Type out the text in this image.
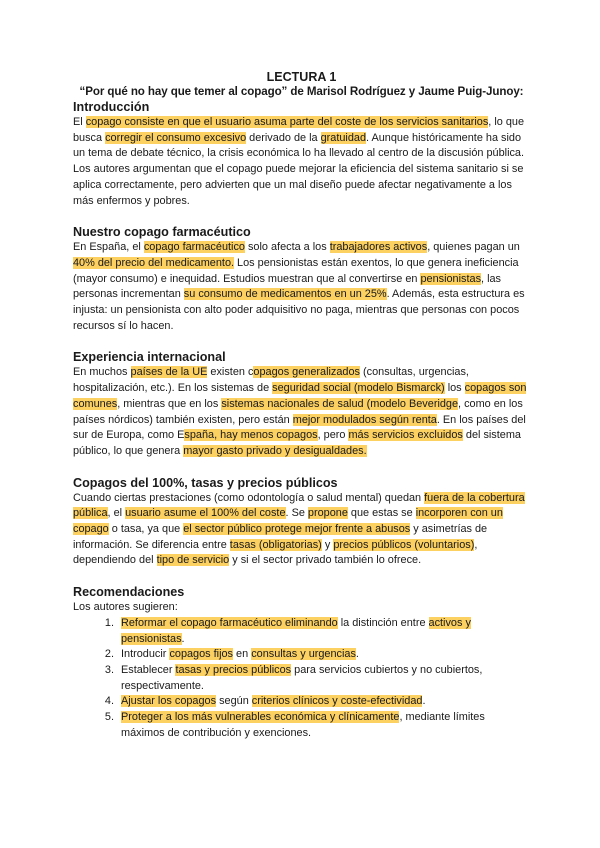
LECTURA 1
“Por qué no hay que temer al copago” de Marisol Rodríguez y Jaume Puig-Junoy:
Introducción

El copago consiste en que el usuario asuma parte del coste de los servicios sanitarios, lo que busca corregir el consumo excesivo derivado de la gratuidad. Aunque históricamente ha sido un tema de debate técnico, la crisis económica lo ha llevado al centro de la discusión pública. Los autores argumentan que el copago puede mejorar la eficiencia del sistema sanitario si se aplica correctamente, pero advierten que un mal diseño puede afectar negativamente a los más enfermos y pobres.

Nuestro copago farmacéutico

En España, el copago farmacéutico solo afecta a los trabajadores activos, quienes pagan un 40% del precio del medicamento. Los pensionistas están exentos, lo que genera ineficiencia (mayor consumo) e inequidad. Estudios muestran que al convertirse en pensionistas, las personas incrementan su consumo de medicamentos en un 25%. Además, esta estructura es injusta: un pensionista con alto poder adquisitivo no paga, mientras que personas con pocos recursos sí lo hacen.

Experiencia internacional

En muchos países de la UE existen copagos generalizados (consultas, urgencias, hospitalización, etc.). En los sistemas de seguridad social (modelo Bismarck) los copagos son comunes, mientras que en los sistemas nacionales de salud (modelo Beveridge, como en los países nórdicos) también existen, pero están mejor modulados según renta. En los países del sur de Europa, como España, hay menos copagos, pero más servicios excluidos del sistema público, lo que genera mayor gasto privado y desigualdades.

Copagos del 100%, tasas y precios públicos

Cuando ciertas prestaciones (como odontología o salud mental) quedan fuera de la cobertura pública, el usuario asume el 100% del coste. Se propone que estas se incorporen con un copago o tasa, ya que el sector público protege mejor frente a abusos y asimetrías de información. Se diferencia entre tasas (obligatorias) y precios públicos (voluntarios), dependiendo del tipo de servicio y si el sector privado también lo ofrece.

Recomendaciones

Los autores sugieren:

1. Reformar el copago farmacéutico eliminando la distinción entre activos y pensionistas.
2. Introducir copagos fijos en consultas y urgencias.
3. Establecer tasas y precios públicos para servicios cubiertos y no cubiertos, respectivamente.
4. Ajustar los copagos según criterios clínicos y coste-efectividad.
5. Proteger a los más vulnerables económica y clínicamente, mediante límites máximos de contribución y exenciones.
